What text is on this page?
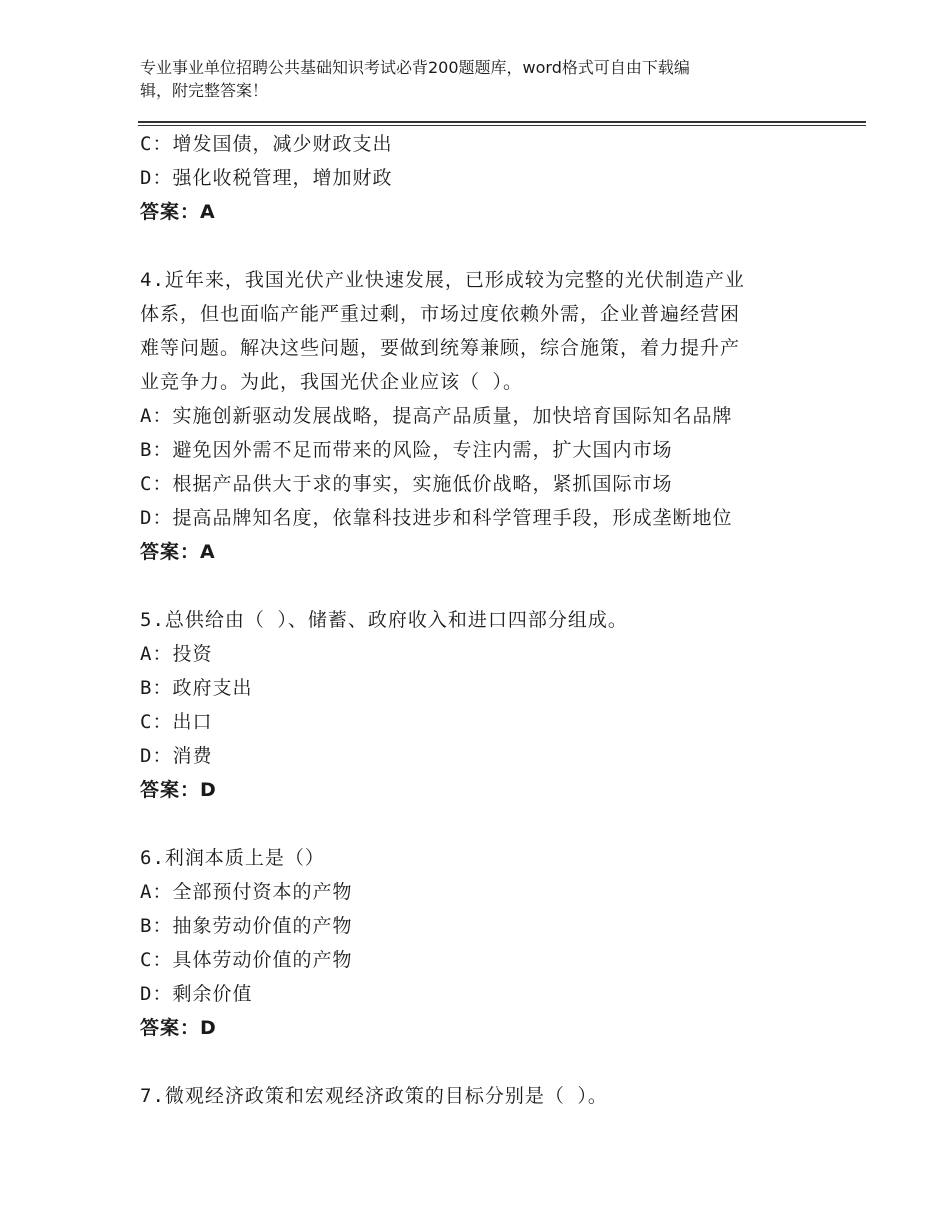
专业事业单位招聘公共基础知识考试必背200题题库，word格式可自由下载编
辑，附完整答案！
C：增发国债，减少财政支出
D：强化收税管理，增加财政
答案：A
4.近年来，我国光伏产业快速发展，已形成较为完整的光伏制造产业
体系，但也面临产能严重过剩，市场过度依赖外需，企业普遍经营困
难等问题。解决这些问题，要做到统筹兼顾，综合施策，着力提升产
业竞争力。为此，我国光伏企业应该（ ）。
A：实施创新驱动发展战略，提高产品质量，加快培育国际知名品牌
B：避免因外需不足而带来的风险，专注内需，扩大国内市场
C：根据产品供大于求的事实，实施低价战略，紧抓国际市场
D：提高品牌知名度，依靠科技进步和科学管理手段，形成垄断地位
答案：A
5.总供给由（ ）、储蓄、政府收入和进口四部分组成。
A：投资
B：政府支出
C：出口
D：消费
答案：D
6.利润本质上是（）
A：全部预付资本的产物
B：抽象劳动价值的产物
C：具体劳动价值的产物
D：剩余价值
答案：D
7.微观经济政策和宏观经济政策的目标分别是（ ）。
